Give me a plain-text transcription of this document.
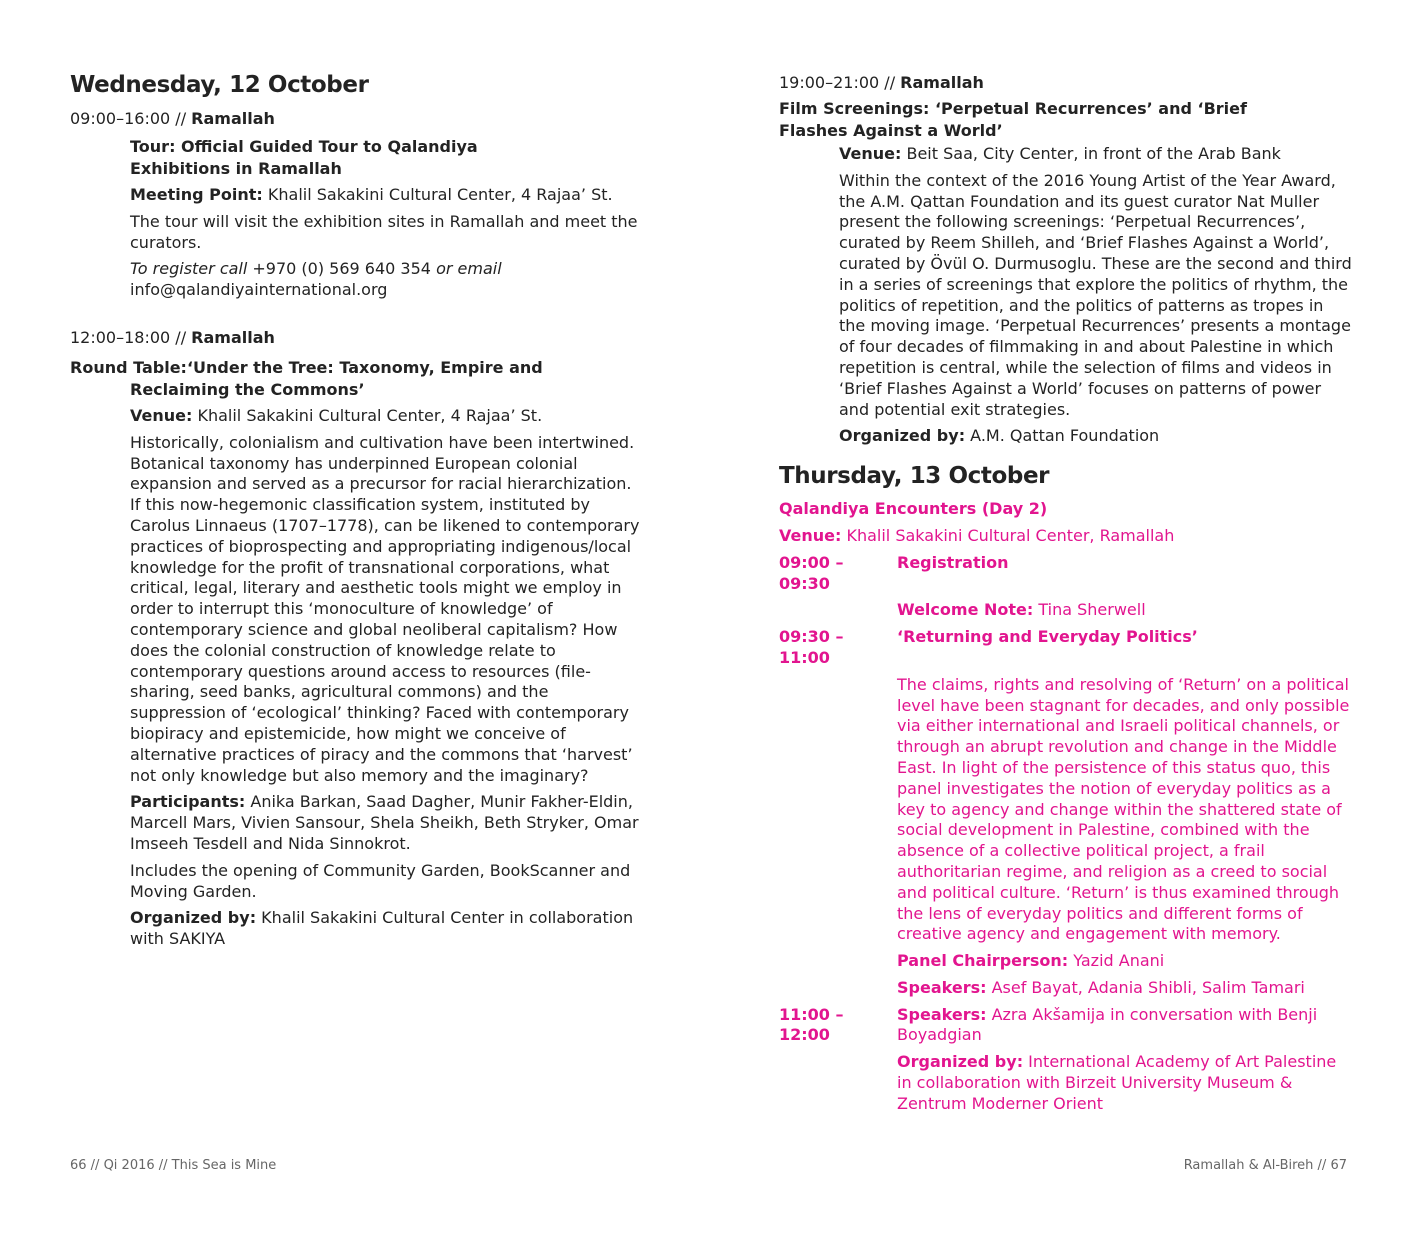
Wednesday, 12 October
09:00–16:00 // Ramallah
Tour: Official Guided Tour to Qalandiya Exhibitions in Ramallah

Meeting Point: Khalil Sakakini Cultural Center, 4 Rajaa’ St.

The tour will visit the exhibition sites in Ramallah and meet the curators.

To register call +970 (0) 569 640 354 or email
info@qalandiyainternational.org

12:00–18:00 // Ramallah
Round Table:‘Under the Tree: Taxonomy, Empire and Reclaiming the Commons’

Venue: Khalil Sakakini Cultural Center, 4 Rajaa’ St.

Historically, colonialism and cultivation have been intertwined. Botanical taxonomy has underpinned European colonial expansion and served as a precursor for racial hierarchization. If this now-hegemonic classification system, instituted by Carolus Linnaeus (1707–1778), can be likened to contemporary practices of bioprospecting and appropriating indigenous/local knowledge for the profit of transnational corporations, what critical, legal, literary and aesthetic tools might we employ in order to interrupt this ‘monoculture of knowledge’ of contemporary science and global neoliberal capitalism? How does the colonial construction of knowledge relate to contemporary questions around access to resources (file-sharing, seed banks, agricultural commons) and the suppression of ‘ecological’ thinking? Faced with contemporary biopiracy and epistemicide, how might we conceive of alternative practices of piracy and the commons that ‘harvest’ not only knowledge but also memory and the imaginary?

Participants: Anika Barkan, Saad Dagher, Munir Fakher-Eldin, Marcell Mars, Vivien Sansour, Shela Sheikh, Beth Stryker, Omar Imseeh Tesdell and Nida Sinnokrot.

Includes the opening of Community Garden, BookScanner and Moving Garden.

Organized by: Khalil Sakakini Cultural Center in collaboration with SAKIYA

19:00–21:00 // Ramallah
Film Screenings: ‘Perpetual Recurrences’ and ‘Brief Flashes Against a World’

Venue: Beit Saa, City Center, in front of the Arab Bank

Within the context of the 2016 Young Artist of the Year Award, the A.M. Qattan Foundation and its guest curator Nat Muller present the following screenings: ‘Perpetual Recurrences’, curated by Reem Shilleh, and ‘Brief Flashes Against a World’, curated by Övül O. Durmusoglu. These are the second and third in a series of screenings that explore the politics of rhythm, the politics of repetition, and the politics of patterns as tropes in the moving image. ‘Perpetual Recurrences’ presents a montage of four decades of filmmaking in and about Palestine in which repetition is central, while the selection of films and videos in ‘Brief Flashes Against a World’ focuses on patterns of power and potential exit strategies.

Organized by: A.M. Qattan Foundation

Thursday, 13 October

Qalandiya Encounters (Day 2)

Venue: Khalil Sakakini Cultural Center, Ramallah

09:00 – 09:30
Registration
Welcome Note: Tina Sherwell
09:30 – 11:00
‘Returning and Everyday Politics’
The claims, rights and resolving of ‘Return’ on a political level have been stagnant for decades, and only possible via either international and Israeli political channels, or through an abrupt revolution and change in the Middle East. In light of the persistence of this status quo, this panel investigates the notion of everyday politics as a key to agency and change within the shattered state of social development in Palestine, combined with the absence of a collective political project, a frail authoritarian regime, and religion as a creed to social and political culture. ‘Return’ is thus examined through the lens of everyday politics and different forms of creative agency and engagement with memory.
Panel Chairperson: Yazid Anani
Speakers: Asef Bayat, Adania Shibli, Salim Tamari
11:00 – 12:00
Speakers: Azra Akšamija in conversation with Benji Boyadgian
Organized by: International Academy of Art Palestine in collaboration with Birzeit University Museum & Zentrum Moderner Orient
66 // Qi 2016 // This Sea is Mine	Ramallah & Al-Bireh // 67
